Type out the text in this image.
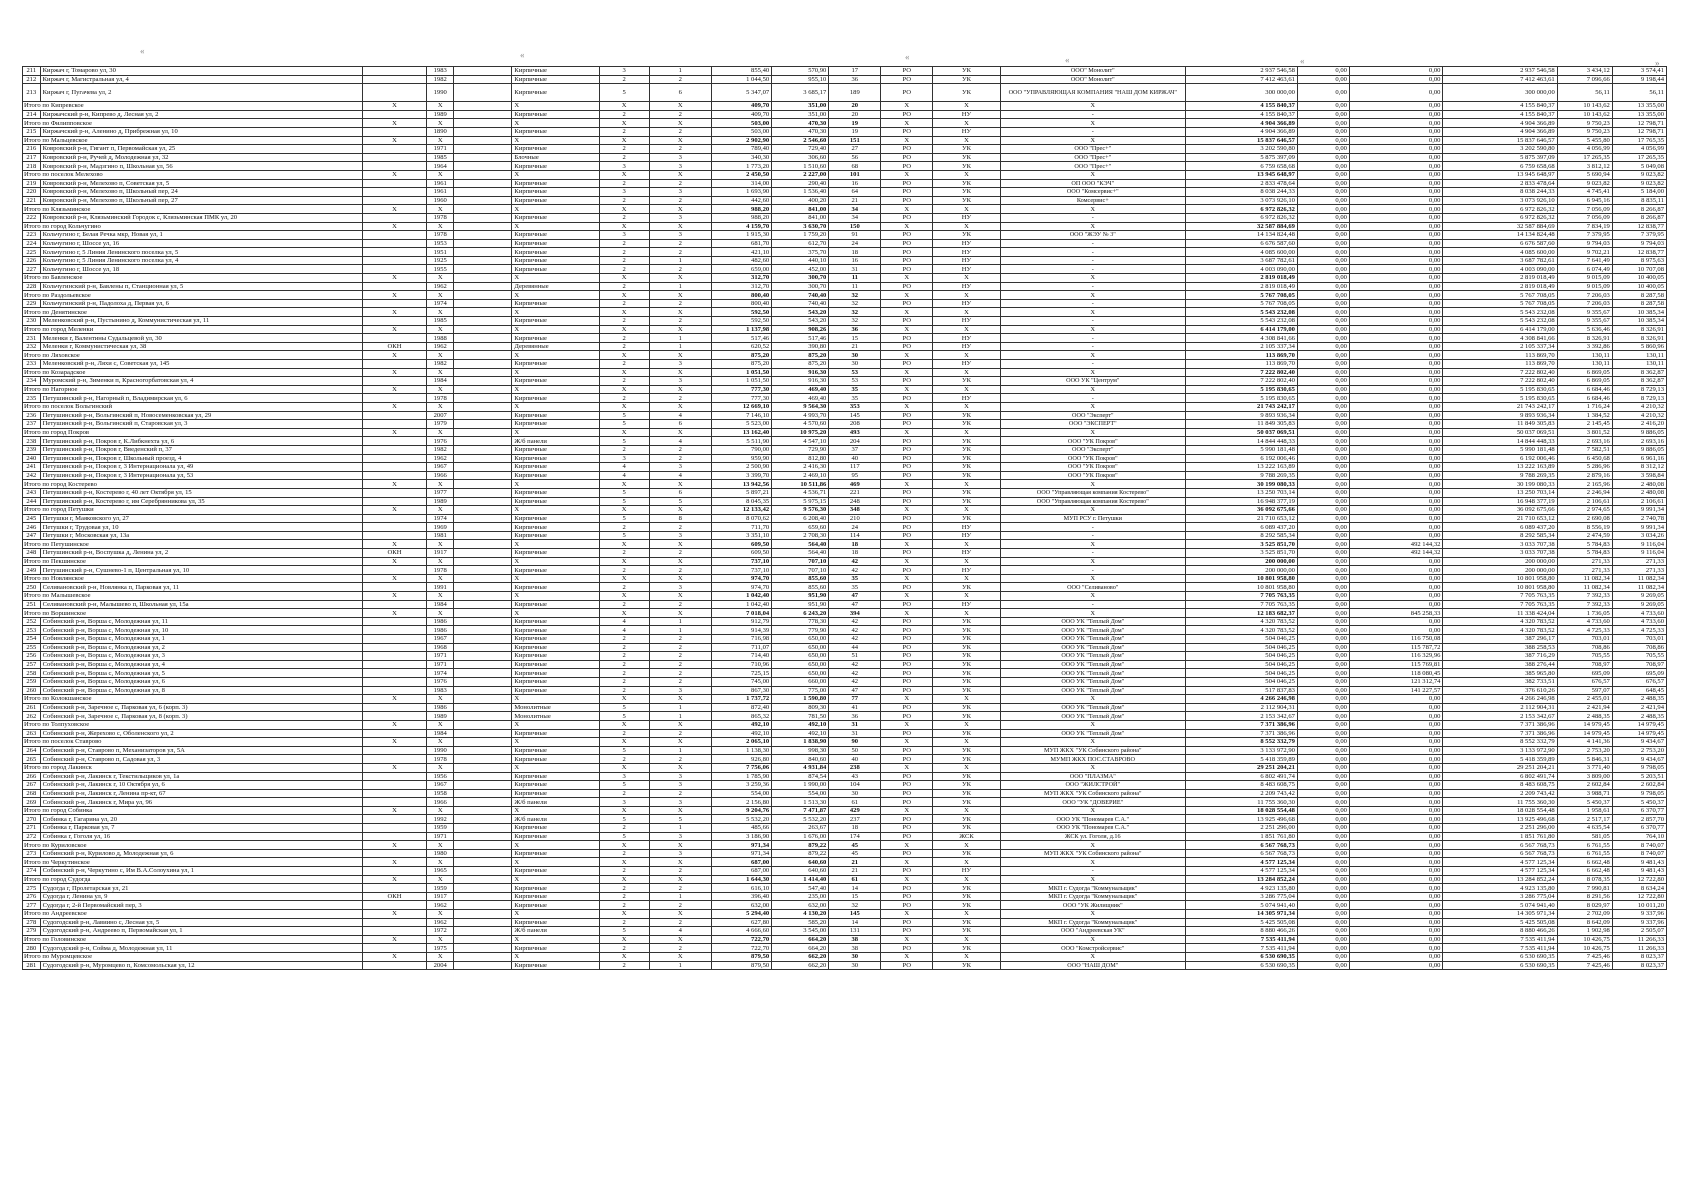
«	«	«
»
«
«
211	Киржач г, Томарово ул, 30		1983		Кирпичные	3	1	855,40	570,90	17	РО	УК	ООО" Монолит"	2 937 546,58	0,00	0,00	2 937 546,58	3 434,12	3 574,41
212	Киржач г, Магистральная ул, 4		1982		Кирпичные	2	2	1 044,50	955,10	36	РО	УК	ООО" Монолит"	7 412 463,61	0,00	0,00	7 412 463,61	7 096,66	9 198,44
213	Киржач г, Пугачева ул, 2		1990		Кирпичные	5	6	5 347,07	3 685,17	189	РО	УК	ООО "УПРАВЛЯЮЩАЯ КОМПАНИЯ "НАШ ДОМ КИРЖАЧ"	300 000,00	0,00	0,00	300 000,00	56,11	56,11
Итого по Кипревское		X	X		X	X	X	409,70	351,00	20	X	X	X	4 155 840,37	0,00	0,00	4 155 840,37	10 143,62	13 355,00
214	Киржачский р-н, Кипрево д, Лесная ул, 2		1989		Кирпичные	2	2	409,70	351,00	20	РО	НУ	-	4 155 840,37	0,00	0,00	4 155 840,37	10 143,62	13 355,00
Итого по Филипповское		X	X		X	X	X	503,00	470,30	19	X	X	X	4 904 366,89	0,00	0,00	4 904 366,89	9 750,23	12 798,71
215	Киржачский р-н, Аленино д, Прибрежная ул, 10		1890		Кирпичные	2	2	503,00	470,30	19	РО	НУ	-	4 904 366,89	0,00	0,00	4 904 366,89	9 750,23	12 798,71
Итого по Мальцевское		X	X		X	X	X	2 902,90	2 546,60	151	X	X	X	15 837 646,57	0,00	0,00	15 837 646,57	5 455,80	17 765,35
216	Ковровский р-н, Гигант п, Первомайская ул, 25		1971		Кирпичные	2	2	789,40	729,40	27	РО	УК	ООО "Прес+"	3 202 590,80	0,00	0,00	3 202 590,80	4 056,99	4 056,99
217	Ковровский р-н, Ручей д, Молодежная ул, 32		1985		Блочные	2	3	340,30	306,60	56	РО	УК	ООО "Прес+"	5 875 397,09	0,00	0,00	5 875 397,09	17 265,35	17 265,35
218	Ковровский р-н, Мадзгино п, Школьная ул, 56		1964		Кирпичные	3	3	1 773,20	1 510,60	68	РО	УК	ООО "Прес+"	6 759 658,68	0,00	0,00	6 759 658,68	3 812,12	5 049,08
Итого по поселок Мелехово		X	X		X	X	X	2 450,50	2 227,00	101	X	X	X	13 945 648,97	0,00	0,00	13 945 648,97	5 690,94	9 023,82
219	Ковровский р-н, Мелехово п, Советская ул, 5		1961		Кирпичные	2	2	314,00	290,40	16	РО	УК	ОП ООО "КЭЧ"	2 833 478,64	0,00	0,00	2 833 478,64	9 023,82	9 023,82
220	Ковровский р-н, Мелехово п, Школьный пер, 24		1961		Кирпичные	3	3	1 693,90	1 536,40	64	РО	УК	ООО "Комсервис+"	8 038 244,33	0,00	0,00	8 038 244,33	4 745,41	5 184,00
221	Ковровский р-н, Мелехово п, Школьный пер, 27		1960		Кирпичные	2	2	442,60	400,20	21	РО	УК	Комсервис+	3 073 926,10	0,00	0,00	3 073 926,10	6 945,16	8 835,11
Итого по Клязьминское		X	X		X	X	X	988,20	841,00	34	X	X	X	6 972 826,32	0,00	0,00	6 972 826,32	7 056,09	8 266,87
222	Ковровский р-н, Клязьминский Городок с, Клязьминская ПМК ул, 20		1978		Кирпичные	2	3	988,20	841,00	34	РО	НУ	-	6 972 826,32	0,00	0,00	6 972 826,32	7 056,09	8 266,87
Итого по город Кольчугино		X	X		X	X	X	4 159,70	3 630,70	150	X	X	X	32 587 884,69	0,00	0,00	32 587 884,69	7 834,19	12 838,77
223	Кольчугино г, Белая Речка мкр, Новая ул, 1		1978		Кирпичные	3	3	1 915,30	1 759,20	91	РО	УК	ООО "ЖЭУ № 3"	14 134 824,48	0,00	0,00	14 134 824,48	7 379,95	7 379,95
224	Кольчугино г, Шоссе ул, 16		1953		Кирпичные	2	2	681,70	612,70	24	РО	НУ	-	6 676 587,60	0,00	0,00	6 676 587,60	9 794,03	9 794,03
225	Кольчугино г, 5 Линия Ленинского поселка ул, 5		1951		Кирпичные	2	2	421,10	375,70	18	РО	НУ	-	4 085 600,00	0,00	0,00	4 085 600,00	9 702,21	12 838,77
226	Кольчугино г, 5 Линия Ленинского поселка ул, 4		1925		Кирпичные	2	1	482,60	440,10	16	РО	НУ	-	3 687 782,61	0,00	0,00	3 687 782,61	7 641,49	8 975,63
227	Кольчугино г, Шоссе ул, 18		1955		Кирпичные	2	2	659,00	452,00	31	РО	НУ	-	4 003 090,00	0,00	0,00	4 003 090,00	6 074,49	10 707,08
Итого по Бавленское		X	X		X	X	X	312,70	300,70	11	X	X	X	2 819 018,49	0,00	0,00	2 819 018,49	9 015,09	10 400,05
228	Кольчугинский р-н, Бавлены п, Станционная ул, 5		1962		Деревянные	2	1	312,70	300,70	11	РО	НУ	-	2 819 018,49	0,00	0,00	2 819 018,49	9 015,09	10 400,05
Итого по Раздольевское		X	X		X	X	X	800,40	740,40	32	X	X	X	5 767 708,05	0,00	0,00	5 767 708,05	7 206,03	8 287,58
229	Кольчугинский р-н, Падолоха д, Первая ул, 6		1974		Кирпичные	2	2	800,40	740,40	32	РО	НУ	-	5 767 708,05	0,00	0,00	5 767 708,05	7 206,03	8 287,58
Итого по Денятинское		X	X		X	X	X	592,50	543,20	32	X	X	X	5 543 232,08	0,00	0,00	5 543 232,08	9 355,67	10 385,34
230	Меленковский р-н, Пустынино д, Коммунистическая ул, 11		1985		Кирпичные	2	2	592,50	543,20	32	РО	НУ	-	5 543 232,08	0,00	0,00	5 543 232,08	9 355,67	10 385,34
Итого по город Меленки		X	X		X	X	X	1 137,98	908,26	36	X	X	X	6 414 179,00	0,00	0,00	6 414 179,00	5 636,46	8 326,91
231	Меленки г, Валентины Судальцевой ул, 30		1988		Кирпичные	2	1	517,46	517,46	15	РО	НУ	-	4 308 841,66	0,00	0,00	4 308 841,66	8 326,91	8 326,91
232	Меленки г, Коммунистическая ул, 38	ОКН	1962		Деревянные	2	1	620,52	390,80	21	РО	НУ	-	2 105 337,34	0,00	0,00	2 105 337,34	3 392,86	5 860,96
Итого по Ляховское		X	X		X	X	X	875,20	875,20	30	X	X	X	113 869,70	0,00	0,00	113 869,70	130,11	130,11
233	Меленковский р-н, Ляхи с, Советская ул, 145		1982		Кирпичные	2	3	875,20	875,20	30	РО	НУ	-	113 869,70	0,00	0,00	113 869,70	130,11	130,11
Итого по Козарадское		X	X		X	X	X	1 051,50	916,30	53	X	X	X	7 222 802,40	0,00	0,00	7 222 802,40	6 869,05	8 362,87
234	Муромский р-н, Зименки п, Красногорбатовская ул, 4		1984		Кирпичные	2	3	1 051,50	916,30	53	РО	УК	ООО УК "Центрум"	7 222 802,40	0,00	0,00	7 222 802,40	6 869,05	8 362,87
Итого по Нагорное		X	X		X	X	X	777,30	469,40	35	X	X	X	5 195 830,65	0,00	0,00	5 195 830,65	6 684,46	8 729,13
235	Петушинский р-н, Нагорный п, Владимирская ул, 6		1978		Кирпичные	2	2	777,30	469,40	35	РО	НУ	-	5 195 830,65	0,00	0,00	5 195 830,65	6 684,46	8 729,13
Итого по поселок Вольгинский		X	X		X	X	X	12 669,10	9 564,30	353	X	X	X	21 743 242,17	0,00	0,00	21 743 242,17	1 716,24	4 210,32
236	Петушинский р-н, Вольгинский п, Новосеменковская ул, 29		2007		Кирпичные	5	4	7 146,10	4 993,70	145	РО	УК	ООО "Эксперт"	9 893 936,34	0,00	0,00	9 893 936,34	1 384,52	4 210,32
237	Петушинский р-н, Вольгинский п, Старовская ул, 3		1979		Кирпичные	5	6	5 523,00	4 570,60	208	РО	УК	ООО "ЭКСПЕРТ"	11 849 305,83	0,00	0,00	11 849 305,83	2 145,45	2 416,20
Итого по город Покров		X	X		X	X	X	13 162,40	10 975,20	493	X	X	X	50 037 069,51	0,00	0,00	50 037 069,51	3 801,52	9 886,05
238	Петушинский р-н, Покров г, К.Либкнехта ул, 6		1976		Ж/б панели	5	4	5 511,90	4 547,10	204	РО	УК	ООО "УК Покров"	14 844 448,33	0,00	0,00	14 844 448,33	2 693,16	2 693,16
239	Петушинский р-н, Покров г, Введенский п, 37		1982		Кирпичные	2	2	790,00	729,90	37	РО	УК	ООО "Эксперт"	5 990 181,48	0,00	0,00	5 990 181,48	7 582,51	9 886,05
240	Петушинский р-н, Покров г, Школьный проезд, 4		1962		Кирпичные	3	2	959,90	812,80	40	РО	УК	ООО "УК Покров"	6 192 006,46	0,00	0,00	6 192 006,46	6 450,68	6 961,16
241	Петушинский р-н, Покров г, 3 Интернационала ул, 49		1967		Кирпичные	4	3	2 500,90	2 416,30	117	РО	УК	ООО "УК Покров"	13 222 163,89	0,00	0,00	13 222 163,89	5 286,96	8 312,12
242	Петушинский р-н, Покров г, 3 Интернационала ул, 53		1966		Кирпичные	4	4	3 399,70	2 469,10	95	РО	УК	ООО "УК Покров"	9 788 269,35	0,00	0,00	9 788 269,35	2 879,16	3 598,84
Итого по город Костерево		X	X		X	X	X	13 942,56	10 511,86	469	X	X	X	30 199 080,33	0,00	0,00	30 199 080,33	2 165,96	2 480,08
243	Петушинский р-н, Костерево г, 40 лет Октября ул, 15		1977		Кирпичные	5	6	5 897,21	4 536,71	221	РО	УК	ООО "Управляющая компания Костерево"	13 250 703,14	0,00	0,00	13 250 703,14	2 246,94	2 480,08
244	Петушинский р-н, Костерево г, им Серебрянникова ул, 35		1989		Кирпичные	5	5	8 045,35	5 975,15	248	РО	УК	ООО "Управляющая компания Костерево"	16 948 377,19	0,00	0,00	16 948 377,19	2 106,61	2 106,61
Итого по город Петушки		X	X		X	X	X	12 133,42	9 576,30	348	X	X	X	36 092 675,66	0,00	0,00	36 092 675,66	2 974,65	9 991,34
245	Петушки г, Маяковского ул, 27		1974		Кирпичные	5	8	8 070,62	6 208,40	210	РО	УК	МУП РСУ г. Петушки	21 710 653,12	0,00	0,00	21 710 653,12	2 690,08	2 740,78
246	Петушки г, Трудовая ул, 10		1969		Кирпичные	2	2	711,70	659,60	24	РО	НУ	-	6 089 437,20	0,00	0,00	6 089 437,20	8 556,19	9 991,34
247	Петушки г, Московская ул, 13а		1981		Кирпичные	5	3	3 351,10	2 708,30	114	РО	НУ	-	8 292 585,34	0,00	0,00	8 292 585,34	2 474,59	3 034,26
Итого по Петушинское		X	X		X	X	X	609,50	564,40	18	X	X	X	3 525 851,70	0,00	492 144,32	3 033 707,38	5 784,83	9 116,04
248	Петушинский р-н, Воспушка д, Ленина ул, 2	ОКН	1917		Кирпичные	2	2	609,50	564,40	18	РО	НУ	-	3 525 851,70	0,00	492 144,32	3 033 707,38	5 784,83	9 116,04
Итого по Пекшинское		X	X		X	X	X	737,10	707,10	42	X	X	X	200 000,00	0,00	0,00	200 000,00	271,33	271,33
249	Петушинский р-н, Сушнево-1 п, Центральная ул, 10		1978		Кирпичные	2	2	737,10	707,10	42	РО	НУ	-	200 000,00	0,00	0,00	200 000,00	271,33	271,33
Итого по Новлянское		X	X		X	X	X	974,70	855,60	35	X	X	X	10 801 958,80	0,00	0,00	10 801 958,80	11 082,34	11 082,34
250	Селивановский р-н, Новлянка п, Парковая ул, 11		1991		Кирпичные	2	3	974,70	855,60	35	РО	УК	ООО "Селиваново"	10 801 958,80	0,00	0,00	10 801 958,80	11 082,34	11 082,34
Итого по Малышевское		X	X		X	X	X	1 042,40	951,90	47	X	X	X	7 705 763,35	0,00	0,00	7 705 763,35	7 392,33	9 269,05
251	Селивановский р-н, Малышево п, Школьная ул, 15а		1984		Кирпичные	2	2	1 042,40	951,90	47	РО	НУ	-	7 705 763,35	0,00	0,00	7 705 763,35	7 392,33	9 269,05
Итого по Воршинское		X	X		X	X	X	7 018,04	6 243,20	394	X	X	X	12 183 682,37	0,00	845 258,33	11 338 424,04	1 736,05	4 733,60
252	Собинский р-н, Ворша с, Молодежная ул, 11		1986		Кирпичные	4	1	912,79	778,30	42	РО	УК	ООО УК "Теплый Дом"	4 320 783,52	0,00	0,00	4 320 783,52	4 733,60	4 733,60
253	Собинский р-н, Ворша с, Молодежная ул, 10		1986		Кирпичные	4	1	914,39	779,90	42	РО	УК	ООО УК "Теплый Дом"	4 320 783,52	0,00	0,00	4 320 783,52	4 725,33	4 725,33
254	Собинский р-н, Ворша с, Молодежная ул, 1		1967		Кирпичные	2	2	716,98	650,00	42	РО	УК	ООО УК "Теплый Дом"	504 046,25	0,00	116 750,08	387 296,17	703,01	703,01
255	Собинский р-н, Ворша с, Молодежная ул, 2		1968		Кирпичные	2	2	711,07	650,00	44	РО	УК	ООО УК "Теплый Дом"	504 046,25	0,00	115 787,72	388 258,53	708,86	708,86
256	Собинский р-н, Ворша с, Молодежная ул, 3		1971		Кирпичные	2	2	714,40	650,00	51	РО	УК	ООО УК "Теплый Дом"	504 046,25	0,00	116 329,96	387 716,29	705,55	705,55
257	Собинский р-н, Ворша с, Молодежная ул, 4		1971		Кирпичные	2	2	710,96	650,00	42	РО	УК	ООО УК "Теплый Дом"	504 046,25	0,00	115 769,81	388 276,44	708,97	708,97
258	Собинский р-н, Ворша с, Молодежная ул, 5		1974		Кирпичные	2	2	725,15	650,00	42	РО	УК	ООО УК "Теплый Дом"	504 046,25	0,00	118 080,45	385 965,80	695,09	695,09
259	Собинский р-н, Ворша с, Молодежная ул, 6		1976		Кирпичные	2	2	745,00	660,00	42	РО	УК	ООО УК "Теплый Дом"	504 046,25	0,00	121 312,74	382 733,51	676,57	676,57
260	Собинский р-н, Ворша с, Молодежная ул, 8		1983		Кирпичные	2	3	867,30	775,00	47	РО	УК	ООО УК "Теплый Дом"	517 837,83	0,00	141 227,57	376 610,26	597,07	648,45
Итого по Колокшанское		X	X		X	X	X	1 737,72	1 590,80	77	X	X	X	4 266 246,98	0,00	0,00	4 266 246,98	2 455,01	2 488,35
261	Собинский р-н, Заречное с, Парковая ул, 6 (корп. 3)		1986		Монолитные	5	1	872,40	809,30	41	РО	УК	ООО УК "Теплый Дом"	2 112 904,31	0,00	0,00	2 112 904,31	2 421,94	2 421,94
262	Собинский р-н, Заречное с, Парковая ул, 8 (корп. 3)		1989		Монолитные	5	1	865,32	781,50	36	РО	УК	ООО УК "Теплый Дом"	2 153 342,67	0,00	0,00	2 153 342,67	2 488,35	2 488,35
Итого по Толпуховское		X	X		X	X	X	492,10	492,10	31	X	X	X	7 371 386,96	0,00	0,00	7 371 386,96	14 979,45	14 979,45
263	Собинский р-н, Жерехово с, Оболенского ул, 2		1984		Кирпичные	2	2	492,10	492,10	31	РО	УК	ООО УК "Теплый Дом"	7 371 386,96	0,00	0,00	7 371 386,96	14 979,45	14 979,45
Итого по поселок Ставрово		X	X		X	X	X	2 065,10	1 838,90	90	X	X	X	8 552 332,79	0,00	0,00	8 552 332,79	4 141,36	9 434,67
264	Собинский р-н, Ставрово п, Механизаторов ул, 5А		1990		Кирпичные	5	1	1 138,30	998,30	50	РО	УК	МУП ЖКХ "УК Собинского района"	3 133 972,90	0,00	0,00	3 133 972,90	2 753,20	2 753,20
265	Собинский р-н, Ставрово п, Садовая ул, 3		1978		Кирпичные	2	2	926,80	840,60	40	РО	УК	МУМП ЖКХ ПОС.СТАВРОВО	5 418 359,89	0,00	0,00	5 418 359,89	5 846,31	9 434,67
Итого по город Лакинск		X	X		X	X	X	7 756,06	4 931,84	238	X	X	X	29 251 204,21	0,00	0,00	29 251 204,21	3 771,40	9 798,05
266	Собинский р-н, Лакинск г, Текстильщиков ул, 1а		1956		Кирпичные	3	3	1 785,90	874,54	43	РО	УК	ООО "ПЛАЗМА"	6 802 491,74	0,00	0,00	6 802 491,74	3 809,00	5 203,51
267	Собинский р-н, Лакинск г, 10 Октября ул, 6		1967		Кирпичные	5	3	3 259,36	1 990,00	104	РО	УК	ООО "ЖИЛСТРОЙ"	8 483 608,75	0,00	0,00	8 483 608,75	2 602,84	2 602,84
268	Собинский р-н, Лакинск г, Ленина пр-кт, 67		1958		Кирпичные	2	2	554,00	554,00	30	РО	УК	МУП ЖКХ "УК Собинского района"	2 209 743,42	0,00	0,00	2 209 743,42	3 988,71	9 798,05
269	Собинский р-н, Лакинск г, Мира ул, 96		1966		Ж/б панели	3	3	2 156,80	1 513,30	61	РО	УК	ООО "УК "ДОВЕРИЕ"	11 755 360,30	0,00	0,00	11 755 360,30	5 450,37	5 450,37
Итого по город Собинка		X	X		X	X	X	9 204,76	7 471,87	429	X	X	X	18 028 554,48	0,00	0,00	18 028 554,48	1 958,61	6 370,77
270	Собинка г, Гагарина ул, 20		1992		Ж/б панели	5	5	5 532,20	5 532,20	237	РО	УК	ООО УК "Пономарев С.А."	13 925 496,68	0,00	0,00	13 925 496,68	2 517,17	2 857,70
271	Собинка г, Парковая ул, 7		1959		Кирпичные	2	1	485,66	263,67	18	РО	УК	ООО УК "Пономарев С.А."	2 251 296,00	0,00	0,00	2 251 296,00	4 635,54	6 370,77
272	Собинка г, Гоголя ул, 16		1971		Кирпичные	5	3	3 186,90	1 676,00	174	РО	ЖСК	ЖСК ул. Гоголя, д.16	1 851 761,80	0,00	0,00	1 851 761,80	581,05	764,10
Итого по Куриловское		X	X		X	X	X	971,34	879,22	45	X	X	X	6 567 768,73	0,00	0,00	6 567 768,73	6 761,55	8 740,07
273	Собинский р-н, Курилово д, Молодежная ул, 6		1980		Кирпичные	2	3	971,34	879,22	45	РО	УК	МУП ЖКХ "УК Собинского района"	6 567 768,73	0,00	0,00	6 567 768,73	6 761,55	8 740,07
Итого по Черкутинское		X	X		X	X	X	687,00	640,60	21	X	X	X	4 577 125,34	0,00	0,00	4 577 125,34	6 662,48	9 481,43
274	Собинский р-н, Черкутино с, Им В.А.Солоухина ул, 1		1965		Кирпичные	2	2	687,00	640,60	21	РО	НУ	-	4 577 125,34	0,00	0,00	4 577 125,34	6 662,48	9 481,43
Итого по город Судогда		X	X		X	X	X	1 644,30	1 414,40	61	X	X	X	13 284 852,24	0,00	0,00	13 284 852,24	8 078,35	12 722,80
275	Судогда г, Пролетарская ул, 21		1959		Кирпичные	2	2	616,10	547,40	14	РО	УК	МКП г. Судогда "Коммунальщик"	4 923 135,80	0,00	0,00	4 923 135,80	7 990,81	8 634,24
276	Судогда г, Ленина ул, 9	ОКН	1917		Кирпичные	2	1	396,40	235,00	15	РО	УК	МКП г. Судогда "Коммунальщик"	3 286 775,04	0,00	0,00	3 286 775,04	8 291,56	12 722,80
277	Судогда г, 2-й Первомайский пер, 3		1962		Кирпичные	2	2	632,00	632,00	32	РО	УК	ООО "УК Жилищник"	5 074 941,40	0,00	0,00	5 074 941,40	8 029,97	10 011,20
Итого по Андреевское		X	X		X	X	X	5 294,40	4 130,20	145	X	X	X	14 305 971,34	0,00	0,00	14 305 971,34	2 702,09	9 337,96
278	Судогодский р-н, Лавиино с, Лесная ул, 5		1962		Кирпичные	2	2	627,80	585,20	14	РО	УК	МКП г. Судогда "Коммунальщик"	5 425 505,08	0,00	0,00	5 425 505,08	8 642,09	9 337,96
279	Судогодский р-н, Андреево п, Первомайская ул, 1		1972		Ж/б панели	5	4	4 666,60	3 545,00	131	РО	УК	ООО "Андреевская УК"	8 880 466,26	0,00	0,00	8 880 466,26	1 902,98	2 505,07
Итого по Головинское		X	X		X	X	X	722,70	664,20	38	X	X	X	7 535 411,94	0,00	0,00	7 535 411,94	10 426,75	11 266,33
280	Судогодский р-н, Сойма д, Молодежная ул, 11		1975		Кирпичные	2	2	722,70	664,20	38	РО	УК	ООО "Комстройсервис"	7 535 411,94	0,00	0,00	7 535 411,94	10 426,75	11 266,33
Итого по Муромцевское		X	X		X	X	X	879,50	662,20	30	X	X	X	6 530 690,35	0,00	0,00	6 530 690,35	7 425,46	8 023,37
281	Судогодский р-н, Муромцево п, Комсомольская ул, 12		2004		Кирпичные	2	1	879,50	662,20	30	РО	УК	ООО "НАШ ДОМ"	6 530 690,35	0,00	0,00	6 530 690,35	7 425,46	8 023,37
